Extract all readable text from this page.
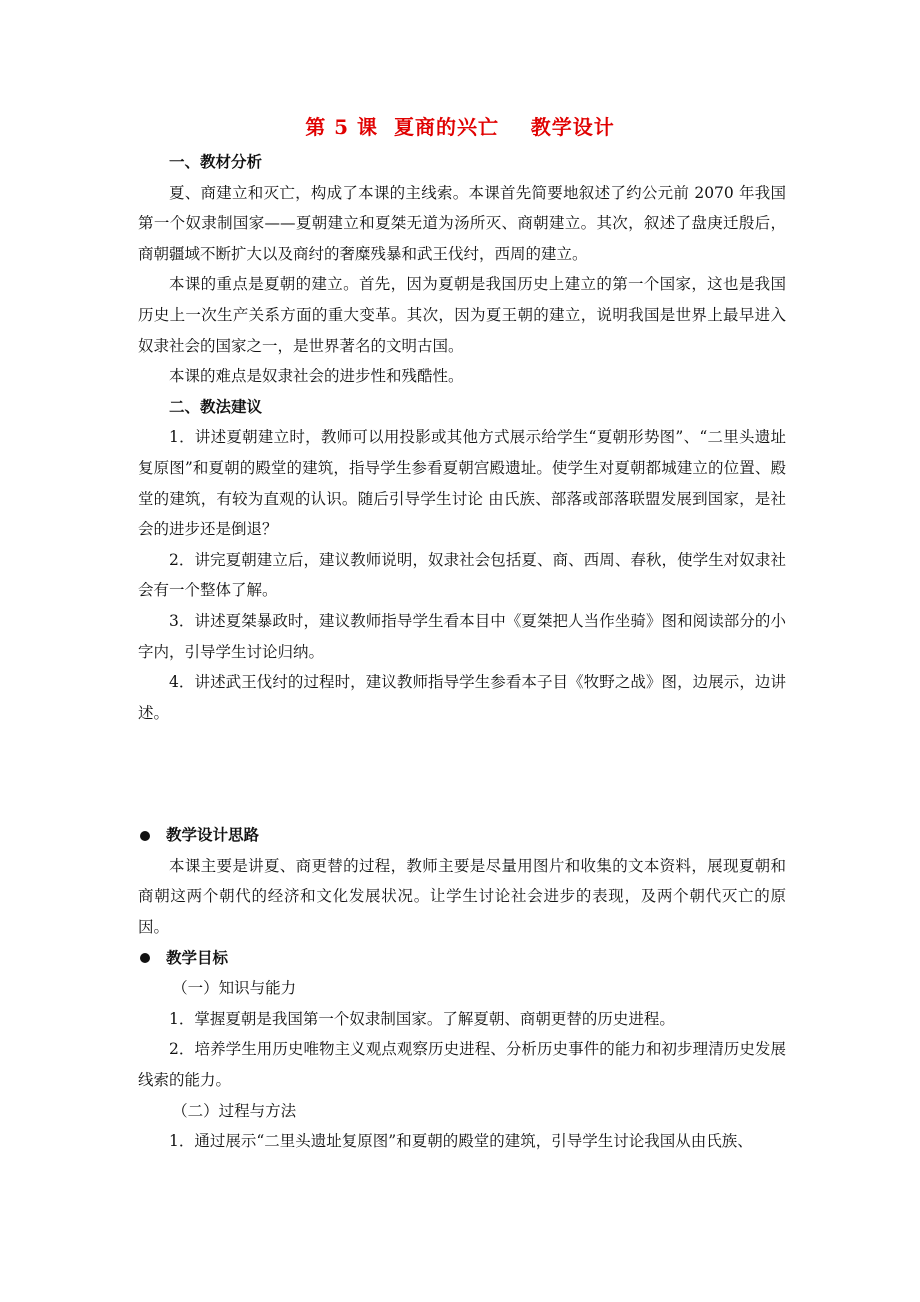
第 5 课  夏商的兴亡    教学设计

一、教材分析

夏、商建立和灭亡，构成了本课的主线索。本课首先简要地叙述了约公元前 2070 年我国第一个奴隶制国家——夏朝建立和夏桀无道为汤所灭、商朝建立。其次，叙述了盘庚迁殷后，商朝疆域不断扩大以及商纣的奢糜残暴和武王伐纣，西周的建立。

本课的重点是夏朝的建立。首先，因为夏朝是我国历史上建立的第一个国家，这也是我国历史上一次生产关系方面的重大变革。其次，因为夏王朝的建立，说明我国是世界上最早进入奴隶社会的国家之一，是世界著名的文明古国。

本课的难点是奴隶社会的进步性和残酷性。

二、教法建议

1．讲述夏朝建立时，教师可以用投影或其他方式展示给学生“夏朝形势图”、“二里头遗址复原图”和夏朝的殿堂的建筑，指导学生参看夏朝宫殿遗址。使学生对夏朝都城建立的位置、殿堂的建筑，有较为直观的认识。随后引导学生讨论 由氏族、部落或部落联盟发展到国家，是社会的进步还是倒退？

2．讲完夏朝建立后，建议教师说明，奴隶社会包括夏、商、西周、春秋，使学生对奴隶社会有一个整体了解。

3．讲述夏桀暴政时，建议教师指导学生看本目中《夏桀把人当作坐骑》图和阅读部分的小字内，引导学生讨论归纳。

4．讲述武王伐纣的过程时，建议教师指导学生参看本子目《牧野之战》图，边展示，边讲述。

教学设计思路

本课主要是讲夏、商更替的过程，教师主要是尽量用图片和收集的文本资料，展现夏朝和商朝这两个朝代的经济和文化发展状况。让学生讨论社会进步的表现，及两个朝代灭亡的原因。

教学目标

（一）知识与能力

1．掌握夏朝是我国第一个奴隶制国家。了解夏朝、商朝更替的历史进程。

2．培养学生用历史唯物主义观点观察历史进程、分析历史事件的能力和初步理清历史发展线索的能力。

（二）过程与方法

1．通过展示“二里头遗址复原图”和夏朝的殿堂的建筑，引导学生讨论我国从由氏族、
